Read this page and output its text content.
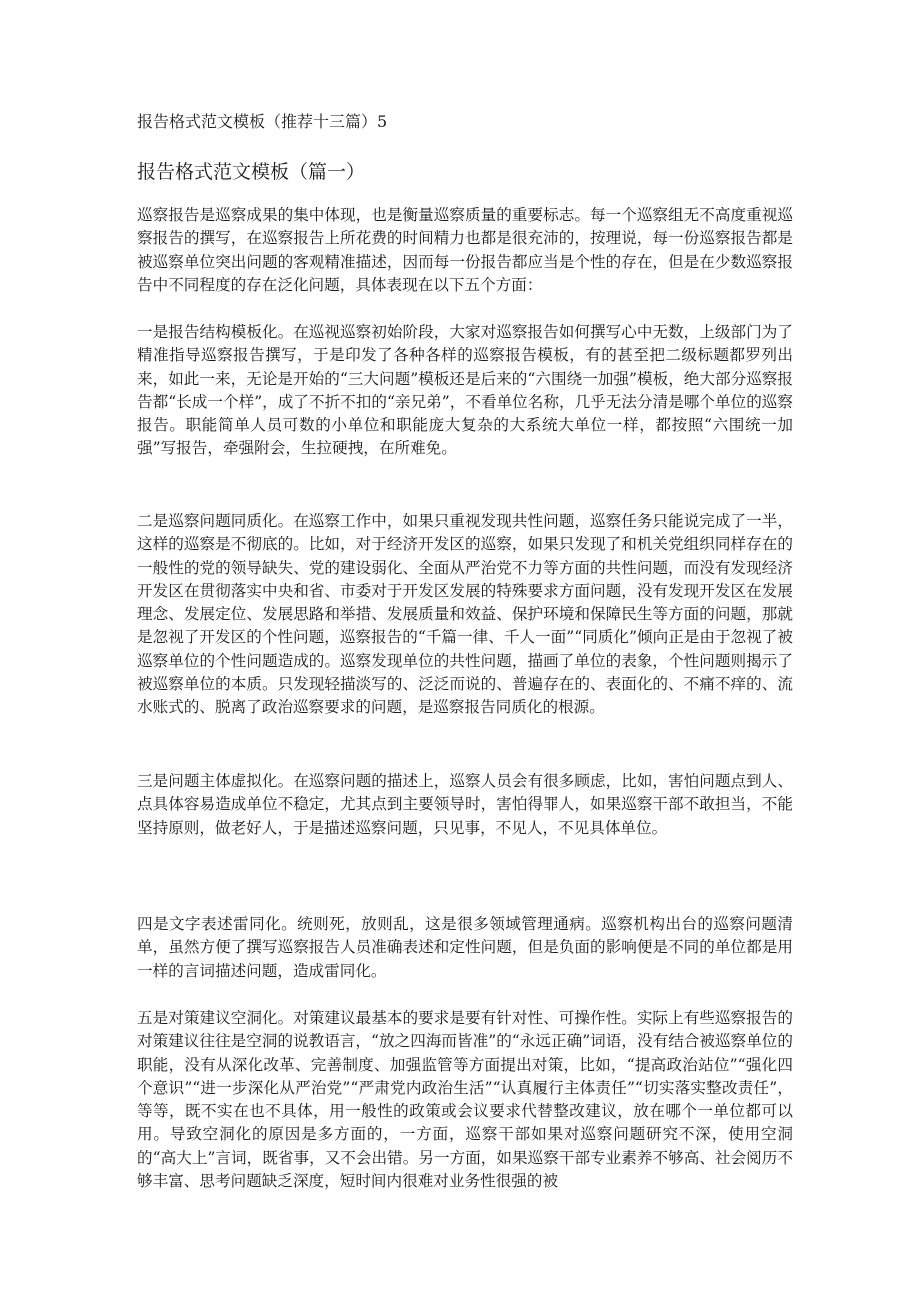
报告格式范文模板（推荐十三篇）5
报告格式范文模板（篇一）

巡察报告是巡察成果的集中体现，也是衡量巡察质量的重要标志。每一个巡察组无不高度重视巡察报告的撰写，在巡察报告上所花费的时间精力也都是很充沛的，按理说，每一份巡察报告都是被巡察单位突出问题的客观精准描述，因而每一份报告都应当是个性的存在，但是在少数巡察报告中不同程度的存在泛化问题，具体表现在以下五个方面：

一是报告结构模板化。在巡视巡察初始阶段，大家对巡察报告如何撰写心中无数，上级部门为了精准指导巡察报告撰写，于是印发了各种各样的巡察报告模板，有的甚至把二级标题都罗列出来，如此一来，无论是开始的“三大问题”模板还是后来的“六围绕一加强”模板，绝大部分巡察报告都“长成一个样”，成了不折不扣的“亲兄弟”，不看单位名称，几乎无法分清是哪个单位的巡察报告。职能简单人员可数的小单位和职能庞大复杂的大系统大单位一样，都按照“六围统一加强”写报告，牵强附会，生拉硬拽，在所难免。

二是巡察问题同质化。在巡察工作中，如果只重视发现共性问题，巡察任务只能说完成了一半，这样的巡察是不彻底的。比如，对于经济开发区的巡察，如果只发现了和机关党组织同样存在的一般性的党的领导缺失、党的建设弱化、全面从严治党不力等方面的共性问题，而没有发现经济开发区在贯彻落实中央和省、市委对于开发区发展的特殊要求方面问题，没有发现开发区在发展理念、发展定位、发展思路和举措、发展质量和效益、保护环境和保障民生等方面的问题，那就是忽视了开发区的个性问题，巡察报告的“千篇一律、千人一面”“同质化”倾向正是由于忽视了被巡察单位的个性问题造成的。巡察发现单位的共性问题，描画了单位的表象，个性问题则揭示了被巡察单位的本质。只发现轻描淡写的、泛泛而说的、普遍存在的、表面化的、不痛不痒的、流水账式的、脱离了政治巡察要求的问题，是巡察报告同质化的根源。

三是问题主体虚拟化。在巡察问题的描述上，巡察人员会有很多顾虑，比如，害怕问题点到人、点具体容易造成单位不稳定，尤其点到主要领导时，害怕得罪人，如果巡察干部不敢担当，不能坚持原则，做老好人，于是描述巡察问题，只见事，不见人，不见具体单位。

四是文字表述雷同化。统则死，放则乱，这是很多领域管理通病。巡察机构出台的巡察问题清单，虽然方便了撰写巡察报告人员准确表述和定性问题，但是负面的影响便是不同的单位都是用一样的言词描述问题，造成雷同化。

五是对策建议空洞化。对策建议最基本的要求是要有针对性、可操作性。实际上有些巡察报告的对策建议往往是空洞的说教语言，“放之四海而皆准”的“永远正确”词语，没有结合被巡察单位的职能，没有从深化改革、完善制度、加强监管等方面提出对策，比如，“提高政治站位”“强化四个意识”“进一步深化从严治党”“严肃党内政治生活”“认真履行主体责任”“切实落实整改责任”，等等，既不实在也不具体，用一般性的政策或会议要求代替整改建议，放在哪个一单位都可以用。导致空洞化的原因是多方面的，一方面，巡察干部如果对巡察问题研究不深，使用空洞的“高大上”言词，既省事，又不会出错。另一方面，如果巡察干部专业素养不够高、社会阅历不够丰富、思考问题缺乏深度，短时间内很难对业务性很强的被
